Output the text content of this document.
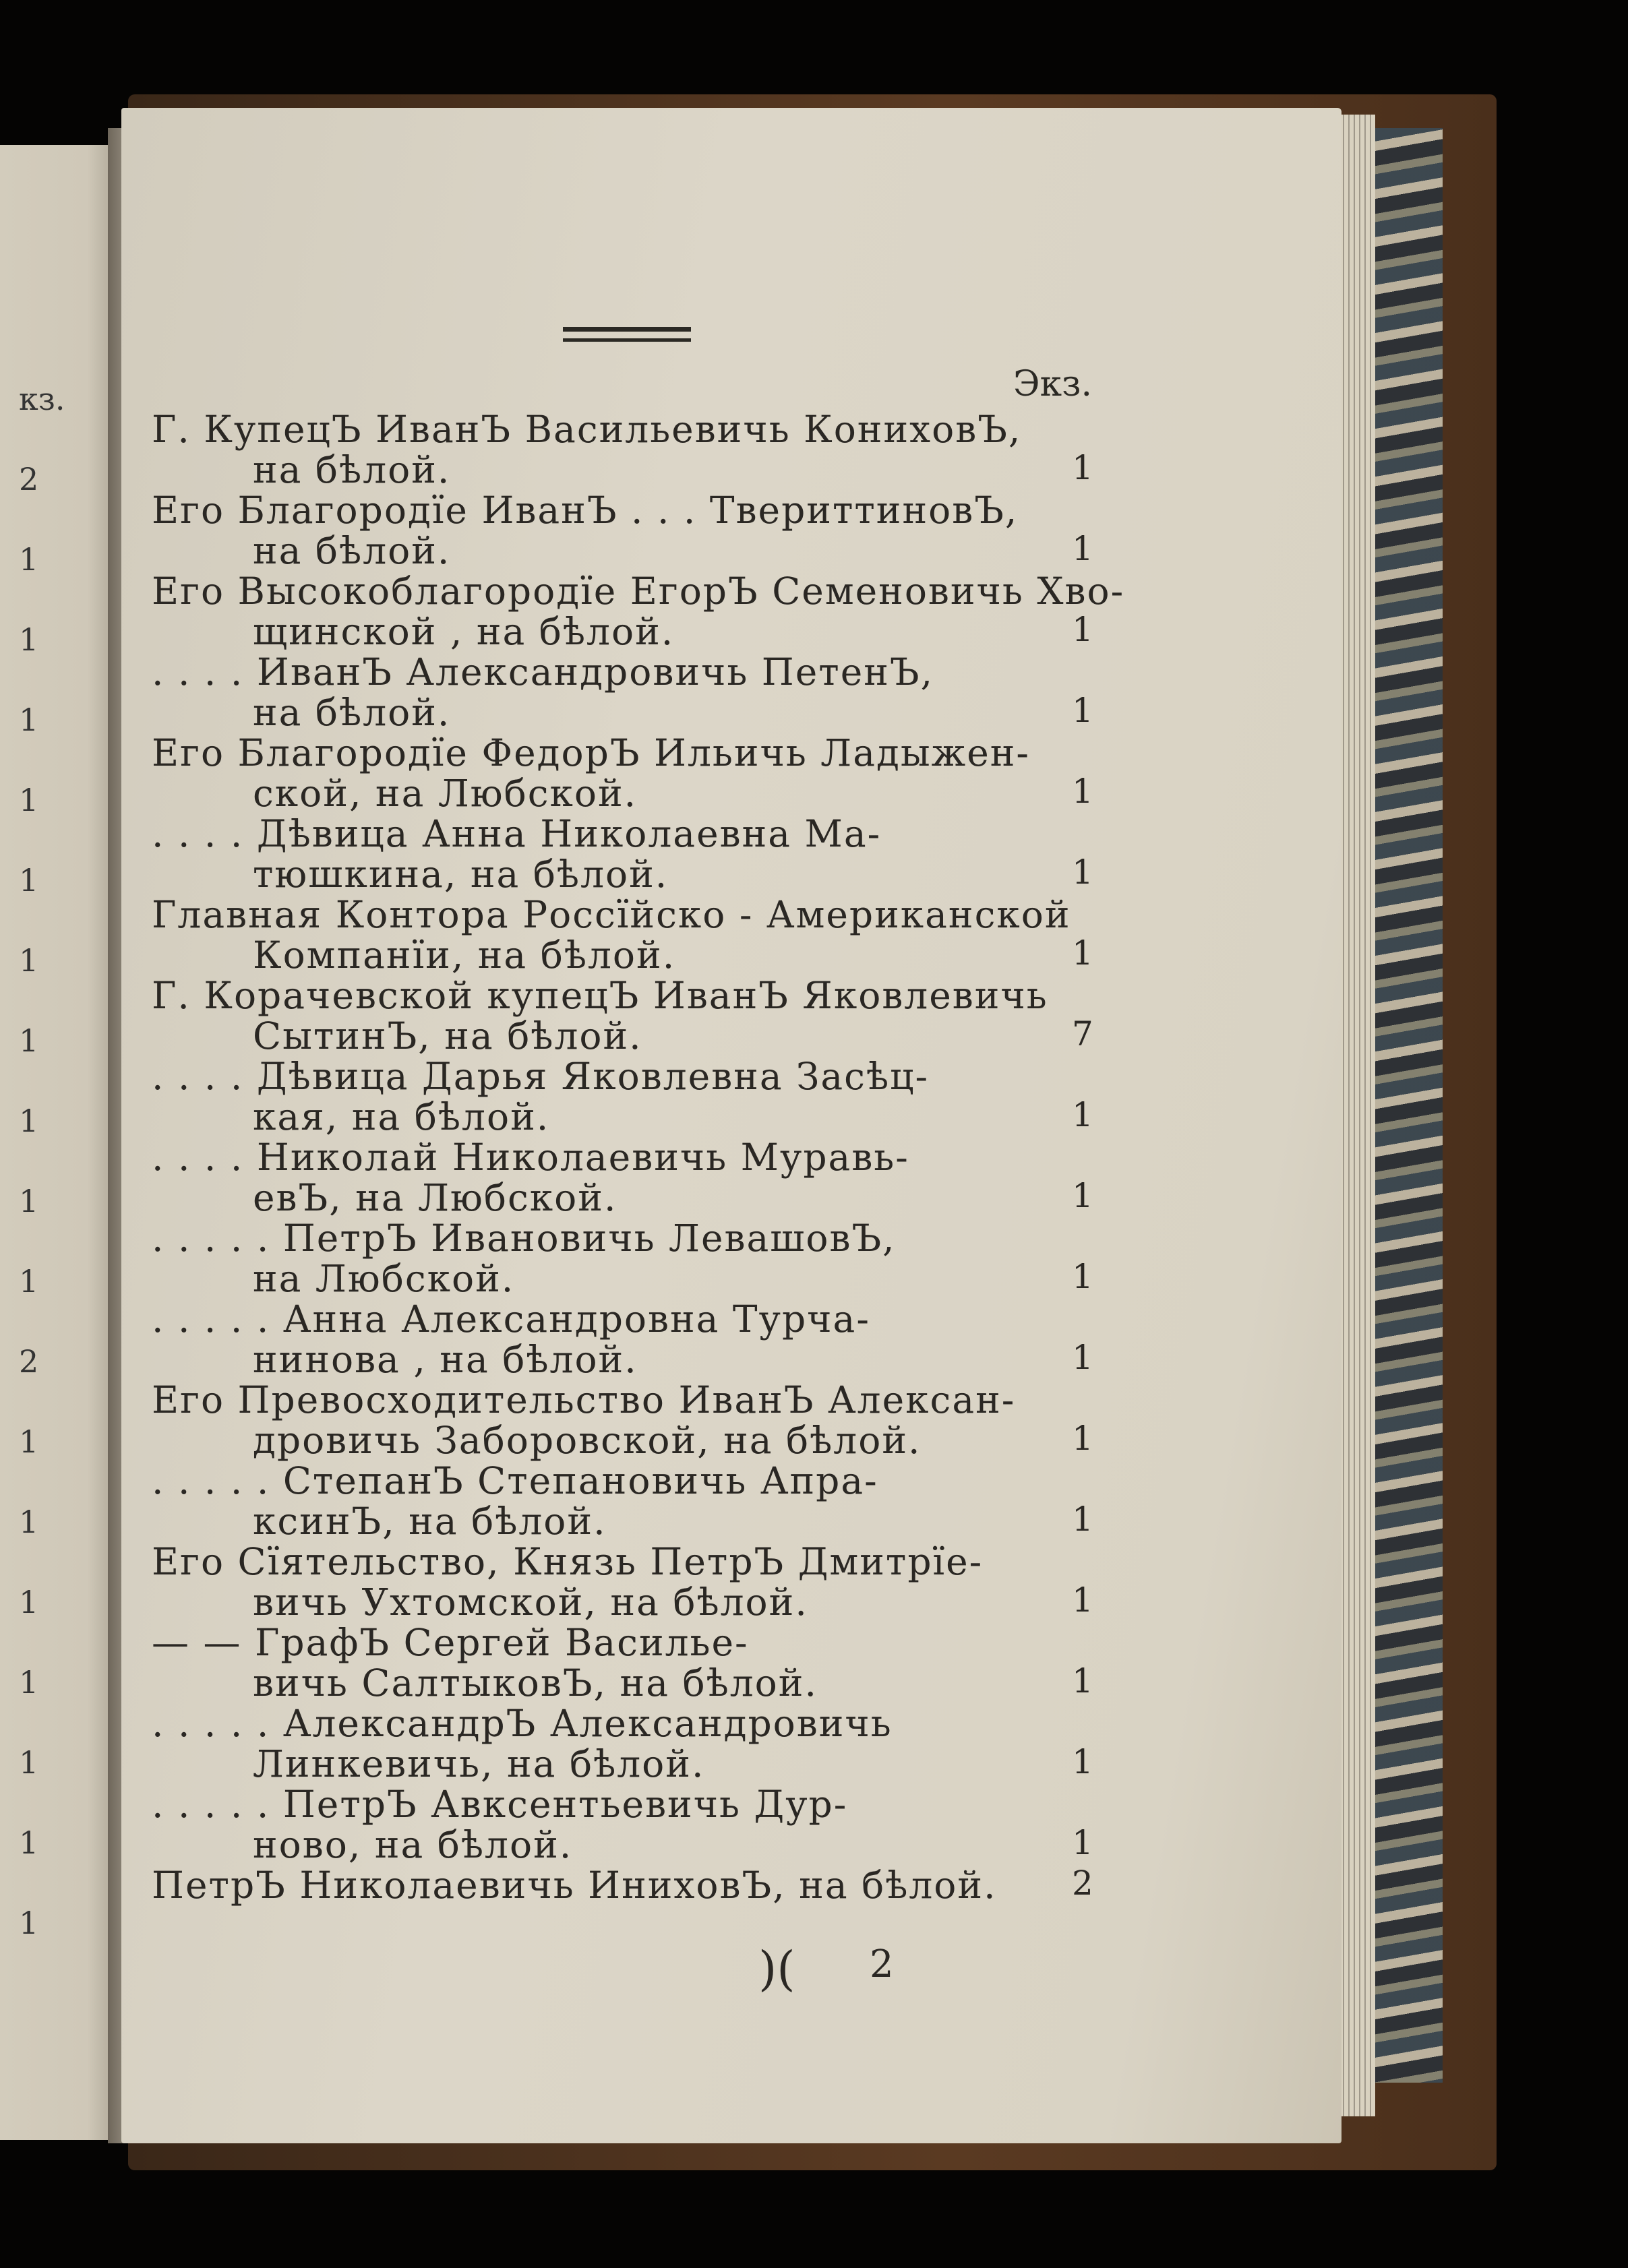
кз.
2
1
1
1
1
1
1
1
1
1
1
2
1
1
1
1
1
1
1
Экз.
Г. КупецЪ ИванЪ Васильевичь КониховЪ,
на бѣлой.	1
Его Благородїе ИванЪ . . . ТвериттиновЪ,
на бѣлой.	1
Его Высокоблагородїе ЕгорЪ Семеновичь Хво-
щинской , на бѣлой.	1
. . . . ИванЪ Александровичь ПетенЪ,
на бѣлой.	1
Его Благородїе ФедорЪ Ильичь Ладыжен-
ской, на Любской.	1
. . . . Дѣвица Анна Николаевна Ма-
тюшкина, на бѣлой.	1
Главная Контора Россїйско - Американской
Компанїи, на бѣлой.	1
Г. Корачевской купецЪ ИванЪ Яковлевичь
СытинЪ, на бѣлой.	7
. . . . Дѣвица Дарья Яковлевна Засѣц-
кая, на бѣлой.	1
. . . . Николай Николаевичь Муравь-
евЪ, на Любской.	1
. . . . . ПетрЪ Ивановичь ЛевашовЪ,
на Любской.	1
. . . . . Анна Александровна Турча-
нинова , на бѣлой.	1
Его Превосходительство ИванЪ Алексан-
дровичь Заборовской, на бѣлой.	1
. . . . . СтепанЪ Степановичь Апра-
ксинЪ, на бѣлой.	1
Его Сїятельство, Князь ПетрЪ Дмитрїе-
вичь Ухтомской, на бѣлой.	1
— — ГрафЪ Сергей Василье-
вичь СалтыковЪ, на бѣлой.	1
. . . . . АлександрЪ Александровичь
Линкевичь, на бѣлой.	1
. . . . . ПетрЪ Авксентьевичь Дур-
ново, на бѣлой.	1
ПетрЪ Николаевичь ИниховЪ, на бѣлой. 2
)( 2
